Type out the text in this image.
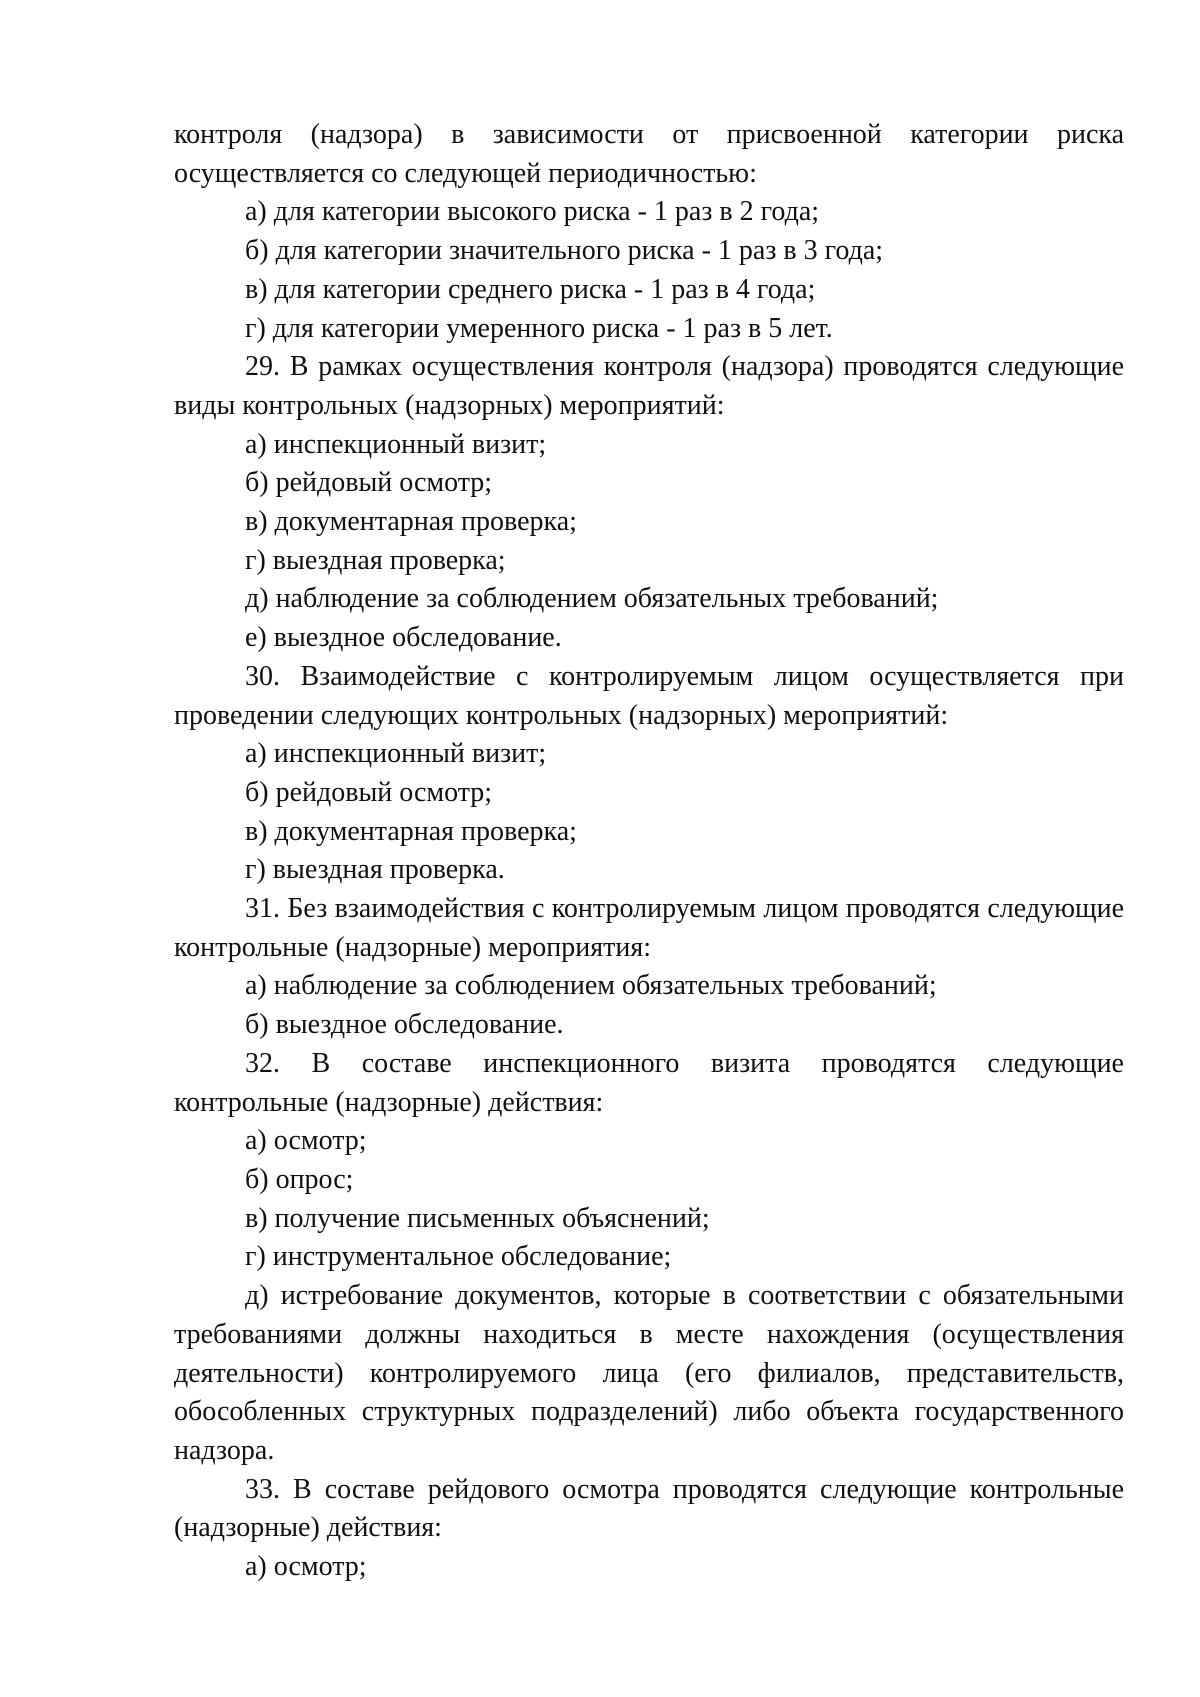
контроля (надзора) в зависимости от присвоенной категории риска осуществляется со следующей периодичностью:

а) для категории высокого риска - 1 раз в 2 года;

б) для категории значительного риска - 1 раз в 3 года;

в) для категории среднего риска - 1 раз в 4 года;

г) для категории умеренного риска - 1 раз в 5 лет.

29. В рамках осуществления контроля (надзора) проводятся следующие виды контрольных (надзорных) мероприятий:

а) инспекционный визит;

б) рейдовый осмотр;

в) документарная проверка;

г) выездная проверка;

д) наблюдение за соблюдением обязательных требований;

е) выездное обследование.

30. Взаимодействие с контролируемым лицом осуществляется при проведении следующих контрольных (надзорных) мероприятий:

а) инспекционный визит;

б) рейдовый осмотр;

в) документарная проверка;

г) выездная проверка.

31. Без взаимодействия с контролируемым лицом проводятся следующие контрольные (надзорные) мероприятия:

а) наблюдение за соблюдением обязательных требований;

б) выездное обследование.

32. В составе инспекционного визита проводятся следующие контрольные (надзорные) действия:

а) осмотр;

б) опрос;

в) получение письменных объяснений;

г) инструментальное обследование;

д) истребование документов, которые в соответствии с обязательными требованиями должны находиться в месте нахождения (осуществления деятельности) контролируемого лица (его филиалов, представительств, обособленных структурных подразделений) либо объекта государственного надзора.

33. В составе рейдового осмотра проводятся следующие контрольные (надзорные) действия:

а) осмотр;
